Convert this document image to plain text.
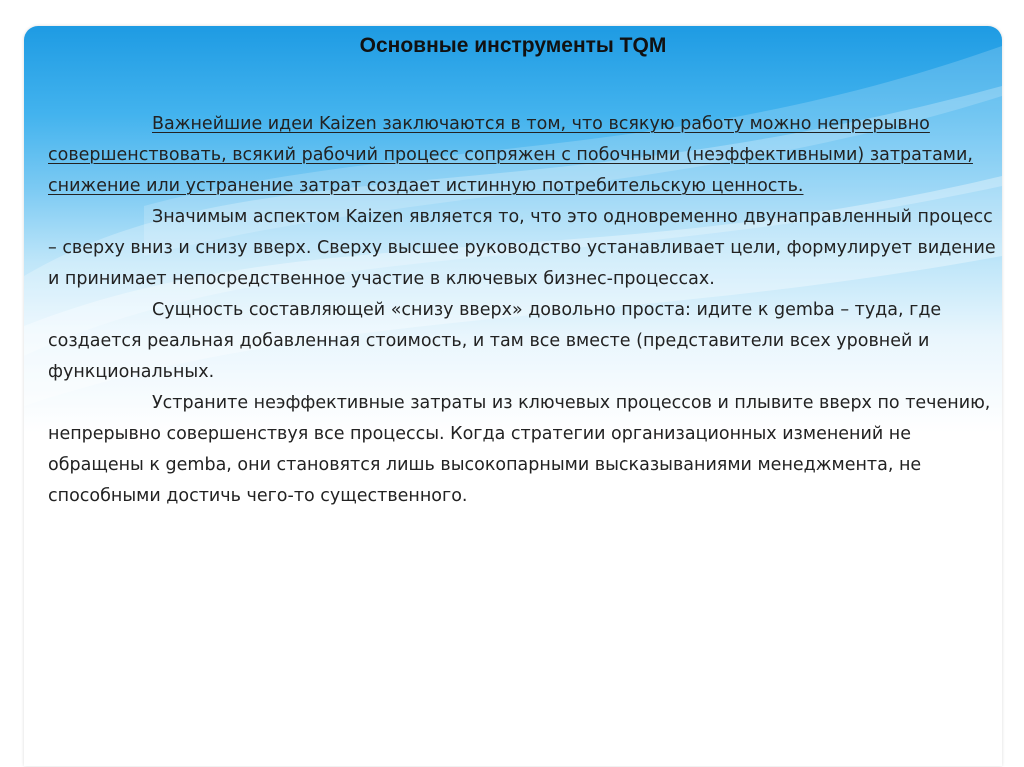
Основные инструменты TQM

Важнейшие идеи Kaizen заключаются в том, что всякую работу можно непрерывно совершенствовать, всякий рабочий процесс сопряжен с побочными (неэффективными) затратами, снижение или устранение затрат создает истинную потребительскую ценность.

Значимым аспектом Kaizen является то, что это одновременно двунаправленный процесс – сверху вниз и снизу вверх. Сверху высшее руководство устанавливает цели, формулирует видение и принимает непосредственное участие в ключевых бизнес-процессах.

Сущность составляющей «снизу вверх» довольно проста: идите к gemba – туда, где создается реальная добавленная стоимость, и там все вместе (представители всех уровней и функциональных.

Устраните неэффективные затраты из ключевых процессов и плывите вверх по течению, непрерывно совершенствуя все процессы. Когда стратегии организационных изменений не обращены к gemba, они становятся лишь высокопарными высказываниями менеджмента, не способными достичь чего-то существенного.
